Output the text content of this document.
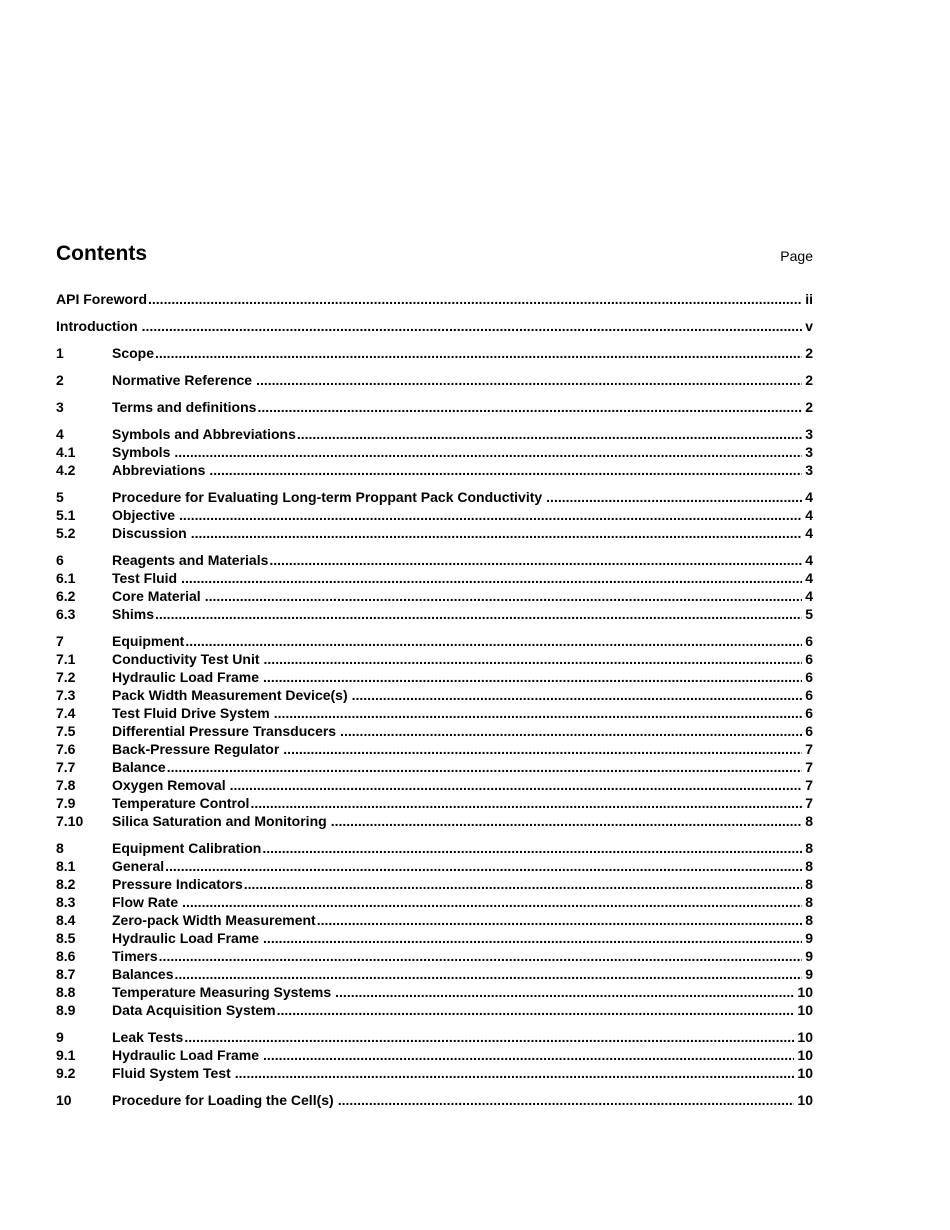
Contents	Page
API Foreword .....	ii
Introduction .....	v
1	Scope .....	2
2	Normative Reference .....	2
3	Terms and definitions .....	2
4	Symbols and Abbreviations .....	3
4.1	Symbols .....	3
4.2	Abbreviations .....	3
5	Procedure for Evaluating Long-term Proppant Pack Conductivity .....	4
5.1	Objective .....	4
5.2	Discussion .....	4
6	Reagents and Materials .....	4
6.1	Test Fluid .....	4
6.2	Core Material .....	4
6.3	Shims .....	5
7	Equipment .....	6
7.1	Conductivity Test Unit .....	6
7.2	Hydraulic Load Frame .....	6
7.3	Pack Width Measurement Device(s) .....	6
7.4	Test Fluid Drive System .....	6
7.5	Differential Pressure Transducers .....	6
7.6	Back-Pressure Regulator .....	7
7.7	Balance .....	7
7.8	Oxygen Removal .....	7
7.9	Temperature Control .....	7
7.10	Silica Saturation and Monitoring .....	8
8	Equipment Calibration .....	8
8.1	General .....	8
8.2	Pressure Indicators .....	8
8.3	Flow Rate .....	8
8.4	Zero-pack Width Measurement .....	8
8.5	Hydraulic Load Frame .....	9
8.6	Timers .....	9
8.7	Balances .....	9
8.8	Temperature Measuring Systems .....	10
8.9	Data Acquisition System .....	10
9	Leak Tests .....	10
9.1	Hydraulic Load Frame .....	10
9.2	Fluid System Test .....	10
10	Procedure for Loading the Cell(s) .....	10
